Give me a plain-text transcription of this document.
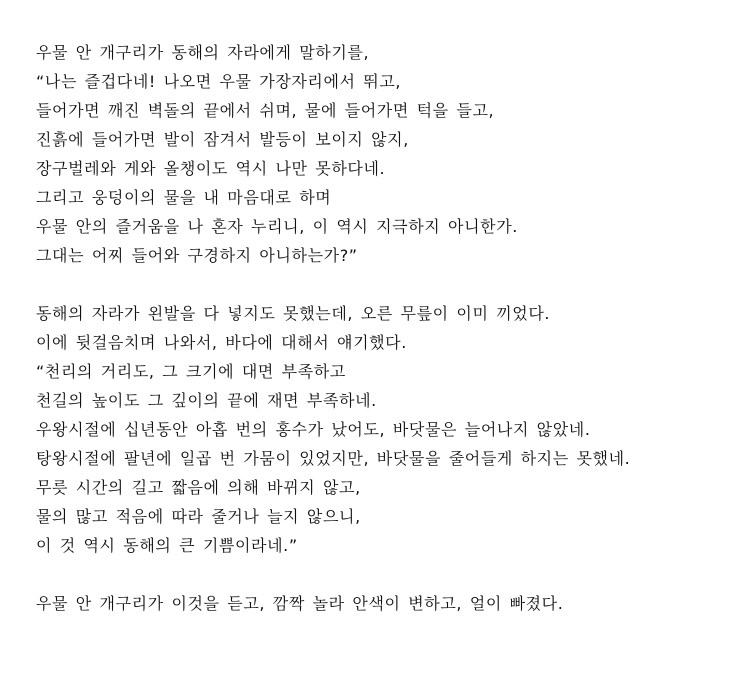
우물 안 개구리가 동해의 자라에게 말하기를,
“나는 즐겁다네! 나오면 우물 가장자리에서 뛰고,
들어가면 깨진 벽돌의 끝에서 쉬며, 물에 들어가면 턱을 들고,
진흙에 들어가면 발이 잠겨서 발등이 보이지 않지,
장구벌레와 게와 올챙이도 역시 나만 못하다네.
그리고 웅덩이의 물을 내 마음대로 하며
우물 안의 즐거움을 나 혼자 누리니, 이 역시 지극하지 아니한가.
그대는 어찌 들어와 구경하지 아니하는가?”
동해의 자라가 왼발을 다 넣지도 못했는데, 오른 무릎이 이미 끼었다.
이에 뒷걸음치며 나와서, 바다에 대해서 얘기했다.
“천리의 거리도, 그 크기에 대면 부족하고
천길의 높이도 그 깊이의 끝에 재면 부족하네.
우왕시절에 십년동안 아홉 번의 홍수가 났어도, 바닷물은 늘어나지 않았네.
탕왕시절에 팔년에 일곱 번 가뭄이 있었지만, 바닷물을 줄어들게 하지는 못했네.
무릇 시간의 길고 짧음에 의해 바뀌지 않고,
물의 많고 적음에 따라 줄거나 늘지 않으니,
이 것 역시 동해의 큰 기쁨이라네.”
우물 안 개구리가 이것을 듣고, 깜짝 놀라 안색이 변하고, 얼이 빠졌다.
